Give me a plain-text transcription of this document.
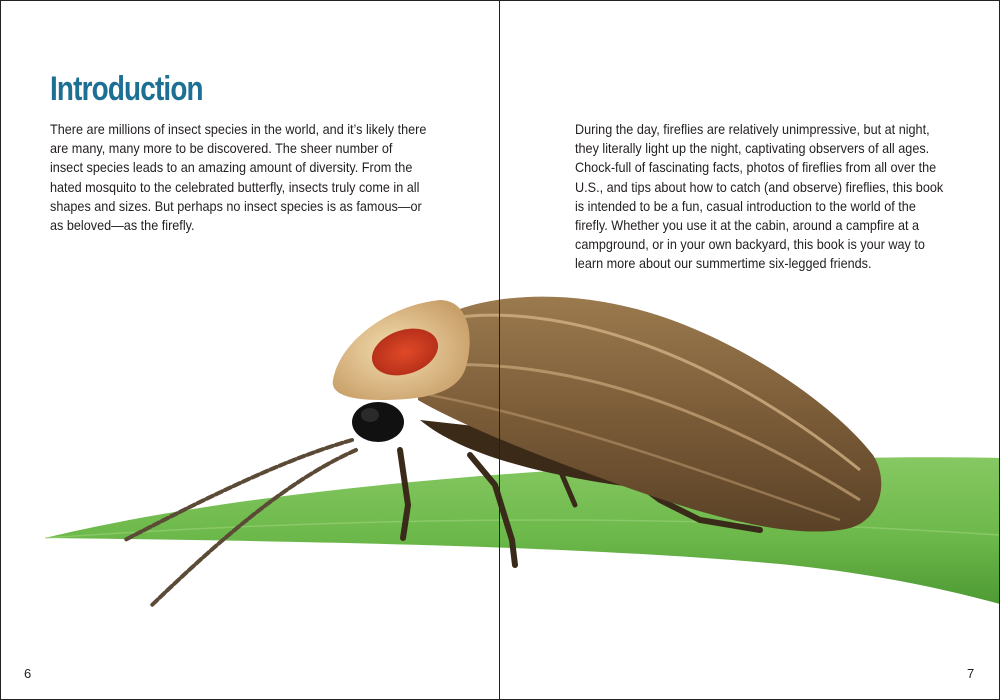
Introduction

There are millions of insect species in the world, and it’s likely there are many, many more to be discovered. The sheer number of insect species leads to an amazing amount of diversity. From the hated mosquito to the celebrated butterfly, insects truly come in all shapes and sizes. But perhaps no insect species is as famous—or as beloved—as the firefly.

6

During the day, fireflies are relatively unimpressive, but at night, they literally light up the night, captivating observers of all ages. Chock-full of fascinating facts, photos of fireflies from all over the U.S., and tips about how to catch (and observe) fireflies, this book is intended to be a fun, casual introduction to the world of the firefly. Whether you use it at the cabin, around a campfire at a campground, or in your own backyard, this book is your way to learn more about our summertime six-legged friends.

7
